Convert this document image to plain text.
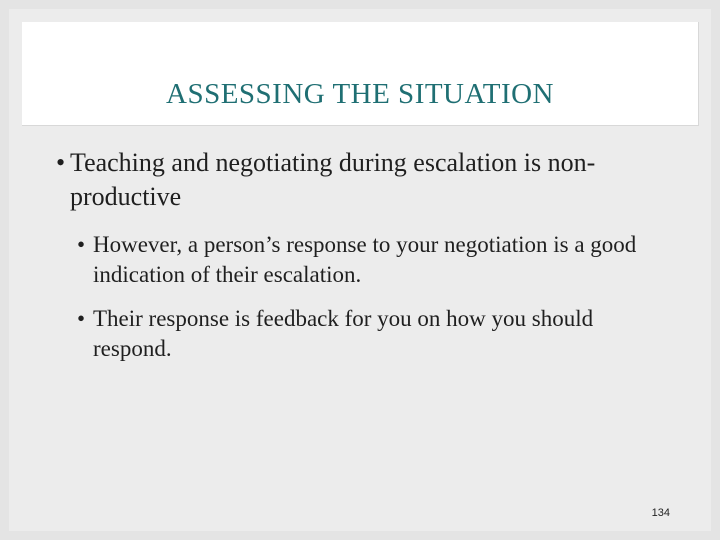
ASSESSING THE SITUATION

• Teaching and negotiating during escalation is non-productive

• However, a person’s response to your negotiation is a good indication of their escalation.

• Their response is feedback for you on how you should respond.

134
